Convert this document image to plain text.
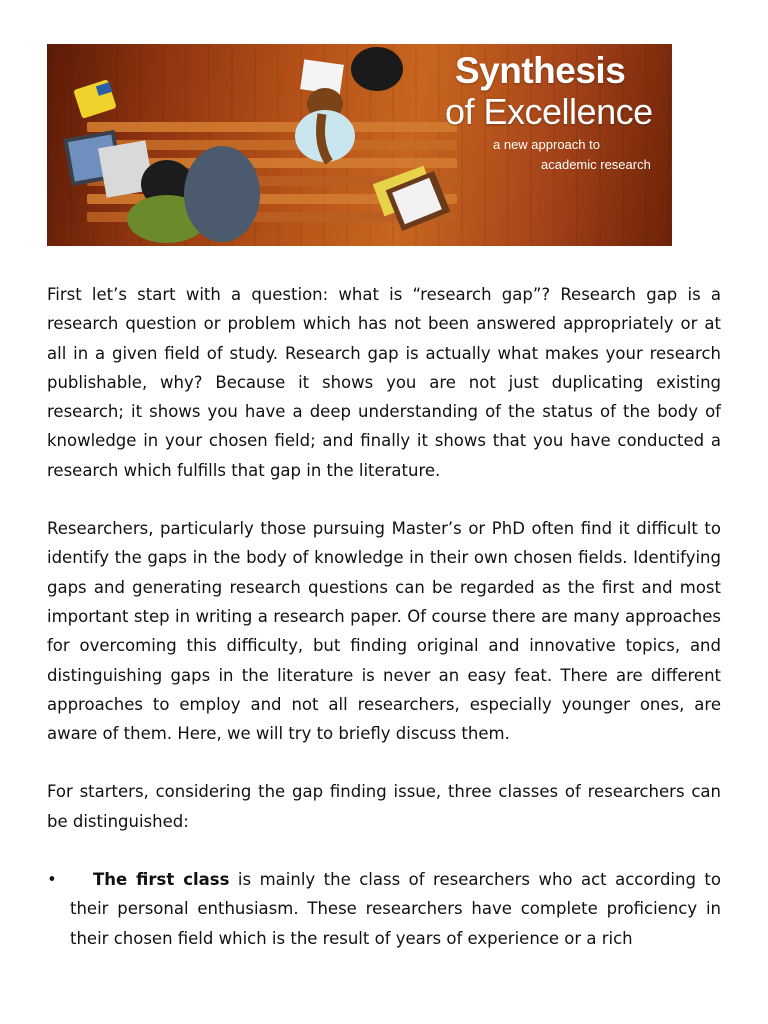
Synthesis
of Excellence
a new approach to
academic research

First let’s start with a question: what is “research gap”? Research gap is a research question or problem which has not been answered appropriately or at all in a given field of study. Research gap is actually what makes your research publishable, why? Because it shows you are not just duplicating existing research; it shows you have a deep understanding of the status of the body of knowledge in your chosen field; and finally it shows that you have conducted a research which fulfills that gap in the literature.

Researchers, particularly those pursuing Master’s or PhD often find it difficult to identify the gaps in the body of knowledge in their own chosen fields. Identifying gaps and generating research questions can be regarded as the first and most important step in writing a research paper. Of course there are many approaches for overcoming this difficulty, but finding original and innovative topics, and distinguishing gaps in the literature is never an easy feat. There are different approaches to employ and not all researchers, especially younger ones, are aware of them. Here, we will try to briefly discuss them.

For starters, considering the gap finding issue, three classes of researchers can be distinguished:

• The first class is mainly the class of researchers who act according to their personal enthusiasm. These researchers have complete proficiency in their chosen field which is the result of years of experience or a rich
